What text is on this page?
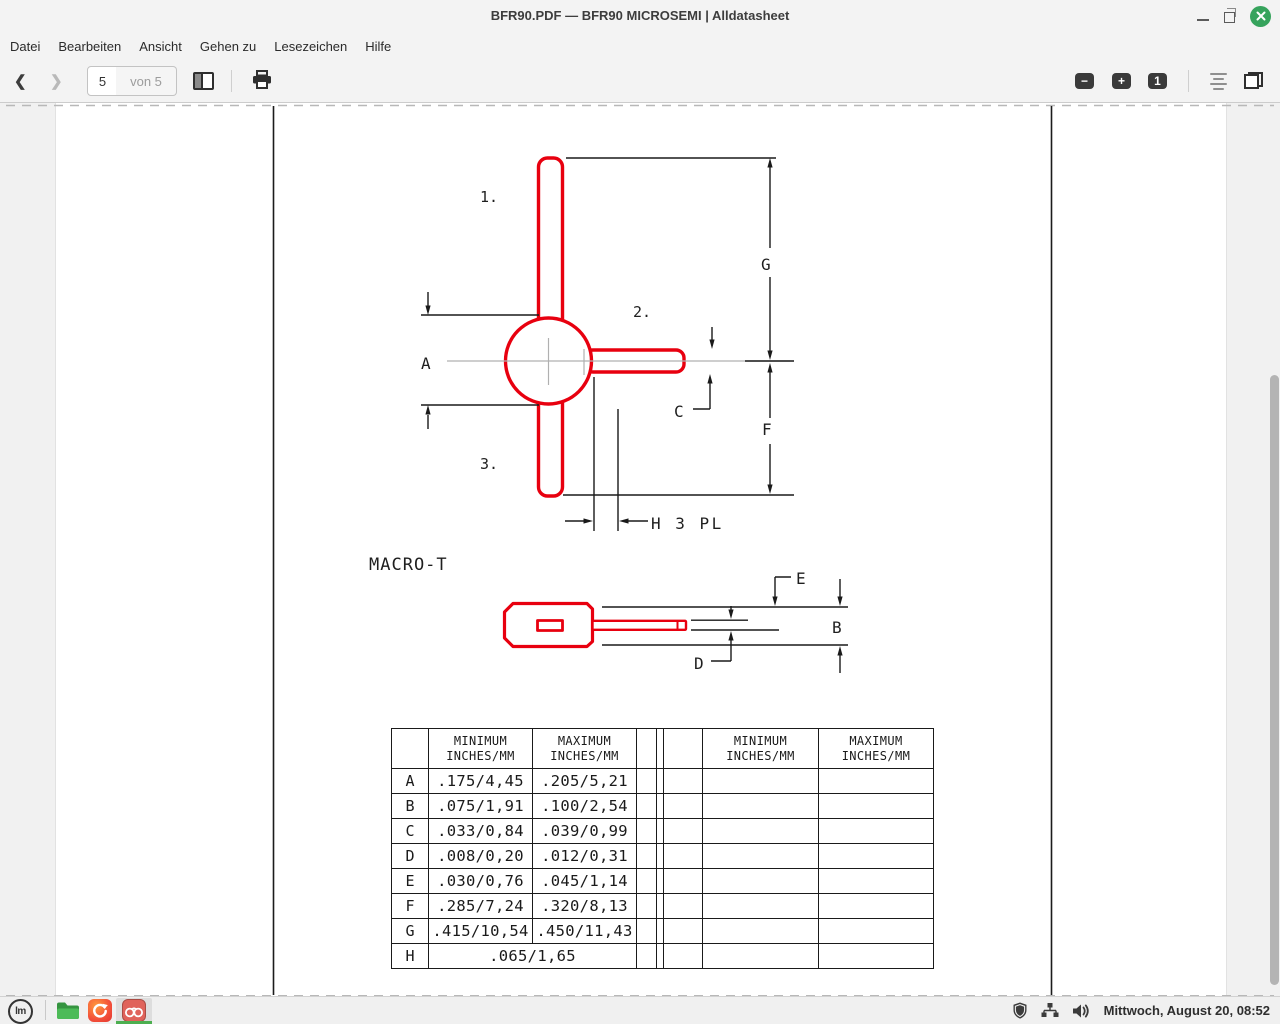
BFR90.PDF — BFR90 MICROSEMI | Alldatasheet
Datei Bearbeiten Ansicht Gehen zu Lesezeichen Hilfe
❮ ❯
5	von 5	− + 1
1.
2.
3.
A
G
F
C
H 3 PL
E
B
D
MACRO-T

MINIMUM
INCHES/MM

MAXIMUM
INCHES/MM

MINIMUM
INCHES/MM

MAXIMUM
INCHES/MM

A	.175/4,45	.205/5,21					
B	.075/1,91	.100/2,54					
C	.033/0,84	.039/0,99					
D	.008/0,20	.012/0,31					
E	.030/0,76	.045/1,14					
F	.285/7,24	.320/8,13					
G	.415/10,54	.450/11,43					
H	.065/1,65						
lm	Mittwoch, August 20, 08:52
